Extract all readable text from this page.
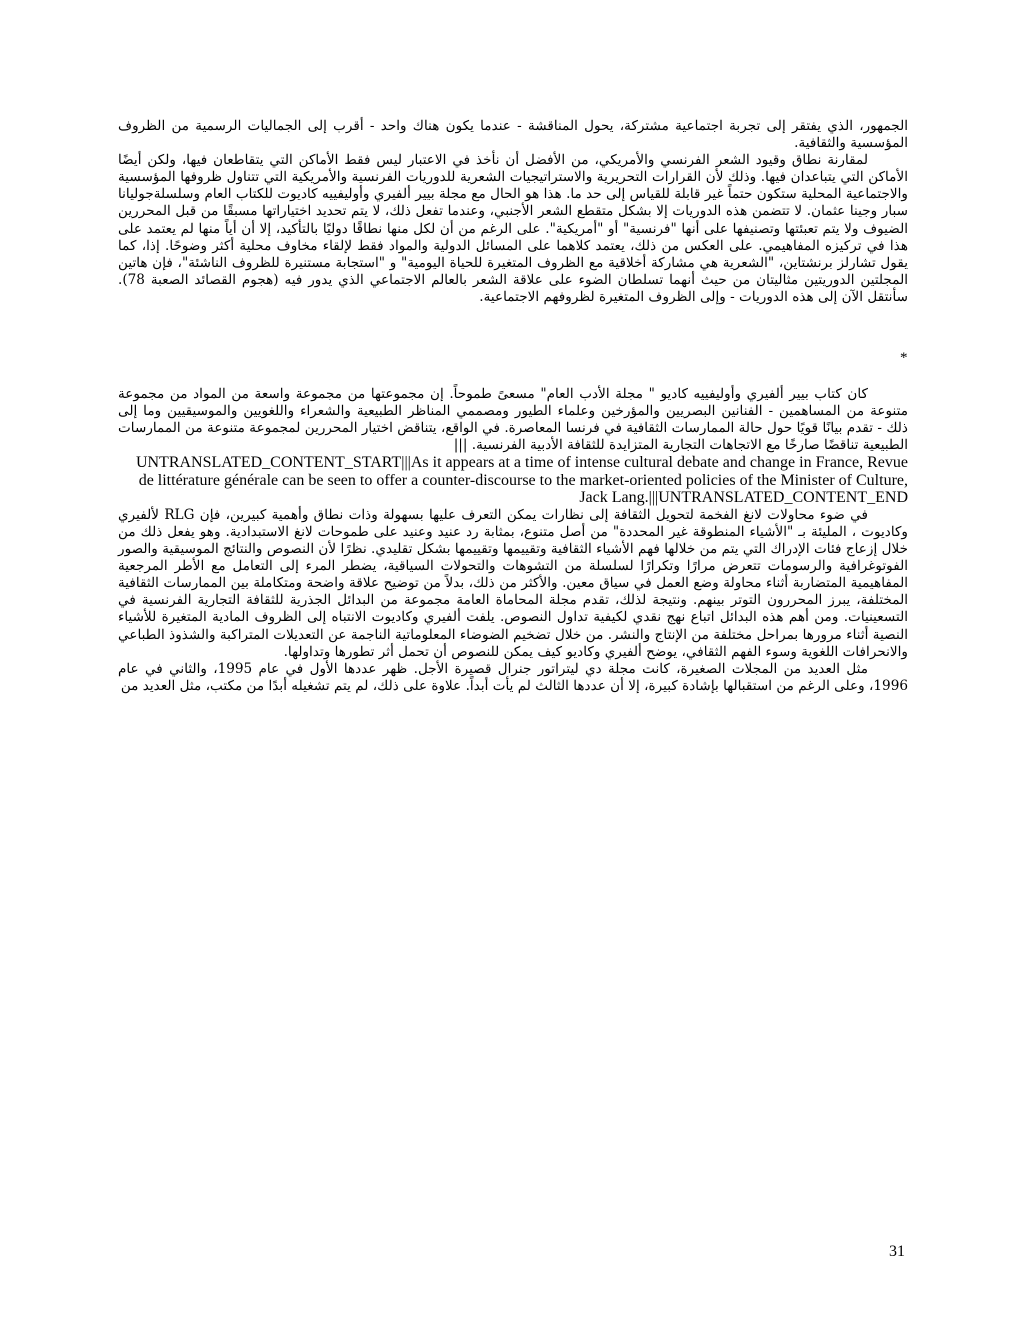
الجمهور، الذي يفتقر إلى تجربة اجتماعية مشتركة، يحول المناقشة - عندما يكون هناك واحد - أقرب إلى الجماليات الرسمية من الظروف المؤسسية والثقافية.

لمقارنة نطاق وقيود الشعر الفرنسي والأمريكي، من الأفضل أن نأخذ في الاعتبار ليس فقط الأماكن التي يتقاطعان فيها، ولكن أيضًا الأماكن التي يتباعدان فيها. وذلك لأن القرارات التحريرية والاستراتيجيات الشعرية للدوريات الفرنسية والأمريكية التي تتناول ظروفها المؤسسية والاجتماعية المحلية ستكون حتماً غير قابلة للقياس إلى حد ما. هذا هو الحال مع مجلة بيير ألفيري وأوليفييه كاديوت للكتاب العام وسلسلةجوليانا سبار وجينا عثمان. لا تتضمن هذه الدوريات إلا بشكل متقطع الشعر الأجنبي، وعندما تفعل ذلك، لا يتم تحديد اختياراتها مسبقًا من قبل المحررين الضيوف ولا يتم تعبئتها وتصنيفها على أنها "فرنسية" أو "أمريكية". على الرغم من أن لكل منها نطاقًا دوليًا بالتأكيد، إلا أن أياً منها لم يعتمد على هذا في تركيزه المفاهيمي. على العكس من ذلك، يعتمد كلاهما على المسائل الدولية والمواد فقط لإلقاء مخاوف محلية أكثر وضوحًا. إذا، كما يقول تشارلز برنشتاين، "الشعرية هي مشاركة أخلاقية مع الظروف المتغيرة للحياة اليومية" و "استجابة مستنيرة للظروف الناشئة"، فإن هاتين المجلتين الدوريتين مثاليتان من حيث أنهما تسلطان الضوء على علاقة الشعر بالعالم الاجتماعي الذي يدور فيه (هجوم القصائد الصعبة 78). سأنتقل الآن إلى هذه الدوريات - وإلى الظروف المتغيرة لظروفهم الاجتماعية.

*

كان كتاب بيير ألفيري وأوليفييه كاديو " مجلة الأدب العام" مسعىً طموحاً. إن مجموعتها من مجموعة واسعة من المواد من مجموعة متنوعة من المساهمين - الفنانين البصريين والمؤرخين وعلماء الطيور ومصممي المناظر الطبيعية والشعراء واللغويين والموسيقيين وما إلى ذلك - تقدم بيانًا قويًا حول حالة الممارسات الثقافية في فرنسا المعاصرة. في الواقع، يتناقض اختيار المحررين لمجموعة متنوعة من الممارسات الطبيعية تناقضًا صارخًا مع الاتجاهات التجارية المتزايدة للثقافة الأدبية الفرنسية. |||

UNTRANSLATED_CONTENT_START|||As it appears at a time of intense cultural debate and change in France, Revue de littérature générale can be seen to offer a counter-discourse to the market-oriented policies of the Minister of Culture, Jack Lang.|||UNTRANSLATED_CONTENT_END

في ضوء محاولات لانغ الفخمة لتحويل الثقافة إلى نظارات يمكن التعرف عليها بسهولة وذات نطاق وأهمية كبيرين، فإن RLG لألفيري وكاديوت ، المليئة بـ "الأشياء المنطوقة غير المحددة" من أصل متنوع، بمثابة رد عنيد وعنيد على طموحات لانغ الاستبدادية. وهو يفعل ذلك من خلال إزعاج فئات الإدراك التي يتم من خلالها فهم الأشياء الثقافية وتقييمها وتقييمها بشكل تقليدي. نظرًا لأن النصوص والنتائج الموسيقية والصور الفوتوغرافية والرسومات تتعرض مرارًا وتكرارًا لسلسلة من التشوهات والتحولات السياقية، يضطر المرء إلى التعامل مع الأطر المرجعية المفاهيمية المتضاربة أثناء محاولة وضع العمل في سياق معين. والأكثر من ذلك، بدلاً من توضيح علاقة واضحة ومتكاملة بين الممارسات الثقافية المختلفة، يبرز المحررون التوتر بينهم. ونتيجة لذلك، تقدم مجلة المحاماة العامة مجموعة من البدائل الجذرية للثقافة التجارية الفرنسية في التسعينيات. ومن أهم هذه البدائل اتباع نهج نقدي لكيفية تداول النصوص. يلفت ألفيري وكاديوت الانتباه إلى الظروف المادية المتغيرة للأشياء النصية أثناء مرورها بمراحل مختلفة من الإنتاج والنشر. من خلال تضخيم الضوضاء المعلوماتية الناجمة عن التعديلات المتراكبة والشذوذ الطباعي والانحرافات اللغوية وسوء الفهم الثقافي، يوضح ألفيري وكاديو كيف يمكن للنصوص أن تحمل أثر تطورها وتداولها.

مثل العديد من المجلات الصغيرة، كانت مجلة دي ليتراتور جنرال قصيرة الأجل. ظهر عددها الأول في عام 1995، والثاني في عام 1996، وعلى الرغم من استقبالها بإشادة كبيرة، إلا أن عددها الثالث لم يأت أبداً. علاوة على ذلك، لم يتم تشغيله أبدًا من مكتب، مثل العديد من

31
